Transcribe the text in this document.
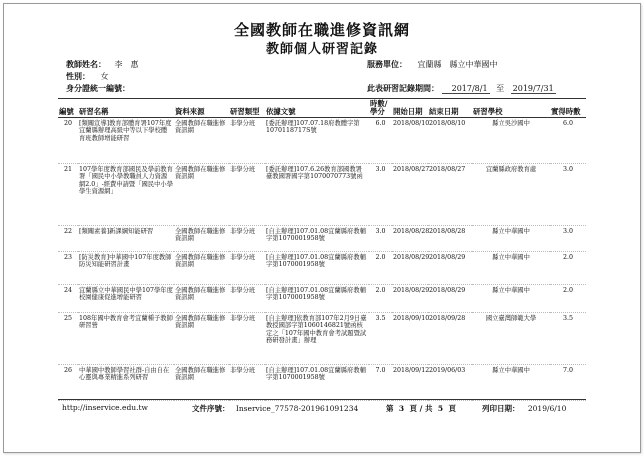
全國教師在職進修資訊網
教師個人研習記錄
教師姓名： 李　惠
性別： 女
身分證統一編號：
服務單位： 宜蘭縣　縣立中華國中
此表研習記錄期間： 2017/8/1 至 2019/7/31
編號	研習名稱	資料來源	研習類型	依據文號	時數/學分	開始日期	結束日期	研習學校	實得時數
20	[類關宣導]教育部體育署107年度宜蘭縣辦理高級中等以下學校體育班教師增能研習	全國教師在職進修資訊網	非學分班	[委託辦理]107.07.18府教體字第1070118717S號	6.0	2018/08/10	2018/08/10	縣立吳沙國中	6.0
21	107學年度教育部國民及學前教育署「國民中小學教職員人力資源網2.0」-經費申請暨「國民中小學學生資源網」	全國教師在職進修資訊網	非學分班	[委託辦理]107.6.26教育部國教署臺教國署國字第1070070773號函	3.0	2018/08/27	2018/08/27	宜蘭縣政府教育處	3.0
22	[類關素養]新課綱知能研習	全國教師在職進修資訊網	非學分班	[自主辦理]107.01.08宜蘭縣府教輔字第1070001958號	3.0	2018/08/28	2018/08/28	縣立中華國中	3.0
23	[防災教育]中華國中107年度教師防災知能研習計畫	全國教師在職進修資訊網	非學分班	[自主辦理]107.01.08宜蘭縣府教輔字第1070001958號	2.0	2018/08/29	2018/08/29	縣立中華國中	2.0
24	宜蘭縣立中華國民中學107學年度校園健康促進增能研習	全國教師在職進修資訊網	非學分班	[自主辦理]107.01.08宜蘭縣府教輔字第1070001958號	2.0	2018/08/29	2018/08/29	縣立中華國中	2.0
25	108年國中教育會考宜蘭種子教師研習營	全國教師在職進修資訊網	非學分班	[自主辦理]依教育部107年2月9日臺教授國部字第1060146821號函核定之「107年國中教育會考試題暨試務研發計畫」辦理	3.5	2018/09/10	2018/09/28	國立臺灣師範大學	3.5
26	中華國中教師學習社群-自由自在心靈與專業精進系列研習	全國教師在職進修資訊網	非學分班	[自主辦理]107.01.08宜蘭縣府教輔字第1070001958號	7.0	2018/09/12	2019/06/03	縣立中華國中	7.0
http://inservice.edu.tw	文件序號： Inservice_77578-201961091234	第 3 頁 / 共 5 頁	列印日期： 2019/6/10
